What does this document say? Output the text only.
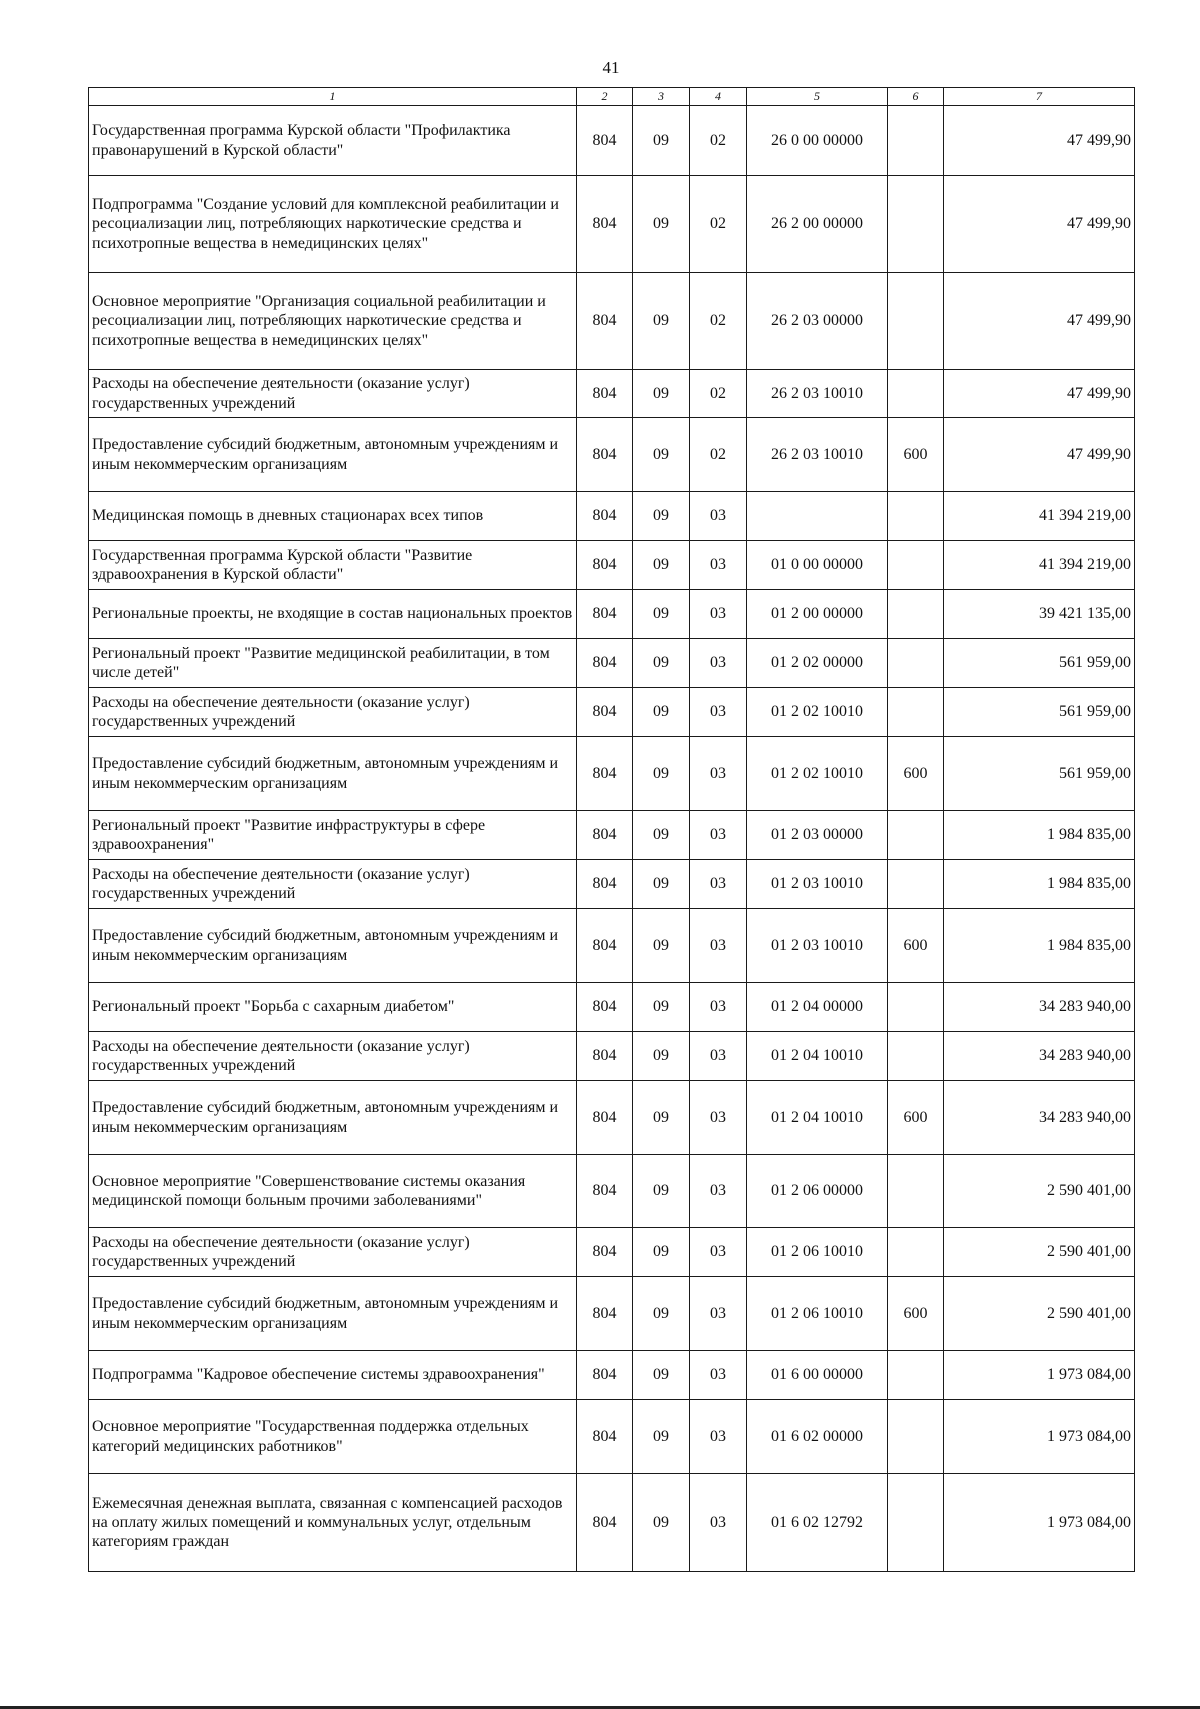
41
1	2	3	4	5	6	7
Государственная программа Курской области "Профилактика правонарушений в Курской области"	804	09	02	26 0 00 00000		47 499,90
Подпрограмма "Создание условий для комплексной реабилитации и ресоциализации лиц, потребляющих наркотические средства и психотропные вещества в немедицинских целях"	804	09	02	26 2 00 00000		47 499,90
Основное мероприятие "Организация социальной реабилитации и ресоциализации лиц, потребляющих наркотические средства и психотропные вещества в немедицинских целях"	804	09	02	26 2 03 00000		47 499,90
Расходы на обеспечение деятельности (оказание услуг) государственных учреждений	804	09	02	26 2 03 10010		47 499,90
Предоставление субсидий бюджетным, автономным учреждениям и иным некоммерческим организациям	804	09	02	26 2 03 10010	600	47 499,90
Медицинская помощь в дневных стационарах всех типов	804	09	03			41 394 219,00
Государственная программа Курской области "Развитие здравоохранения в Курской области"	804	09	03	01 0 00 00000		41 394 219,00
Региональные проекты, не входящие в состав национальных проектов	804	09	03	01 2 00 00000		39 421 135,00
Региональный проект "Развитие медицинской реабилитации, в том числе детей"	804	09	03	01 2 02 00000		561 959,00
Расходы на обеспечение деятельности (оказание услуг) государственных учреждений	804	09	03	01 2 02 10010		561 959,00
Предоставление субсидий бюджетным, автономным учреждениям и иным некоммерческим организациям	804	09	03	01 2 02 10010	600	561 959,00
Региональный проект "Развитие инфраструктуры в сфере здравоохранения"	804	09	03	01 2 03 00000		1 984 835,00
Расходы на обеспечение деятельности (оказание услуг) государственных учреждений	804	09	03	01 2 03 10010		1 984 835,00
Предоставление субсидий бюджетным, автономным учреждениям и иным некоммерческим организациям	804	09	03	01 2 03 10010	600	1 984 835,00
Региональный проект "Борьба с сахарным диабетом"	804	09	03	01 2 04 00000		34 283 940,00
Расходы на обеспечение деятельности (оказание услуг) государственных учреждений	804	09	03	01 2 04 10010		34 283 940,00
Предоставление субсидий бюджетным, автономным учреждениям и иным некоммерческим организациям	804	09	03	01 2 04 10010	600	34 283 940,00
Основное мероприятие "Совершенствование системы оказания медицинской помощи больным прочими заболеваниями"	804	09	03	01 2 06 00000		2 590 401,00
Расходы на обеспечение деятельности (оказание услуг) государственных учреждений	804	09	03	01 2 06 10010		2 590 401,00
Предоставление субсидий бюджетным, автономным учреждениям и иным некоммерческим организациям	804	09	03	01 2 06 10010	600	2 590 401,00
Подпрограмма "Кадровое обеспечение системы здравоохранения"	804	09	03	01 6 00 00000		1 973 084,00
Основное мероприятие "Государственная поддержка отдельных категорий медицинских работников"	804	09	03	01 6 02 00000		1 973 084,00
Ежемесячная денежная выплата, связанная с компенсацией расходов на оплату жилых помещений и коммунальных услуг, отдельным категориям граждан	804	09	03	01 6 02 12792		1 973 084,00
